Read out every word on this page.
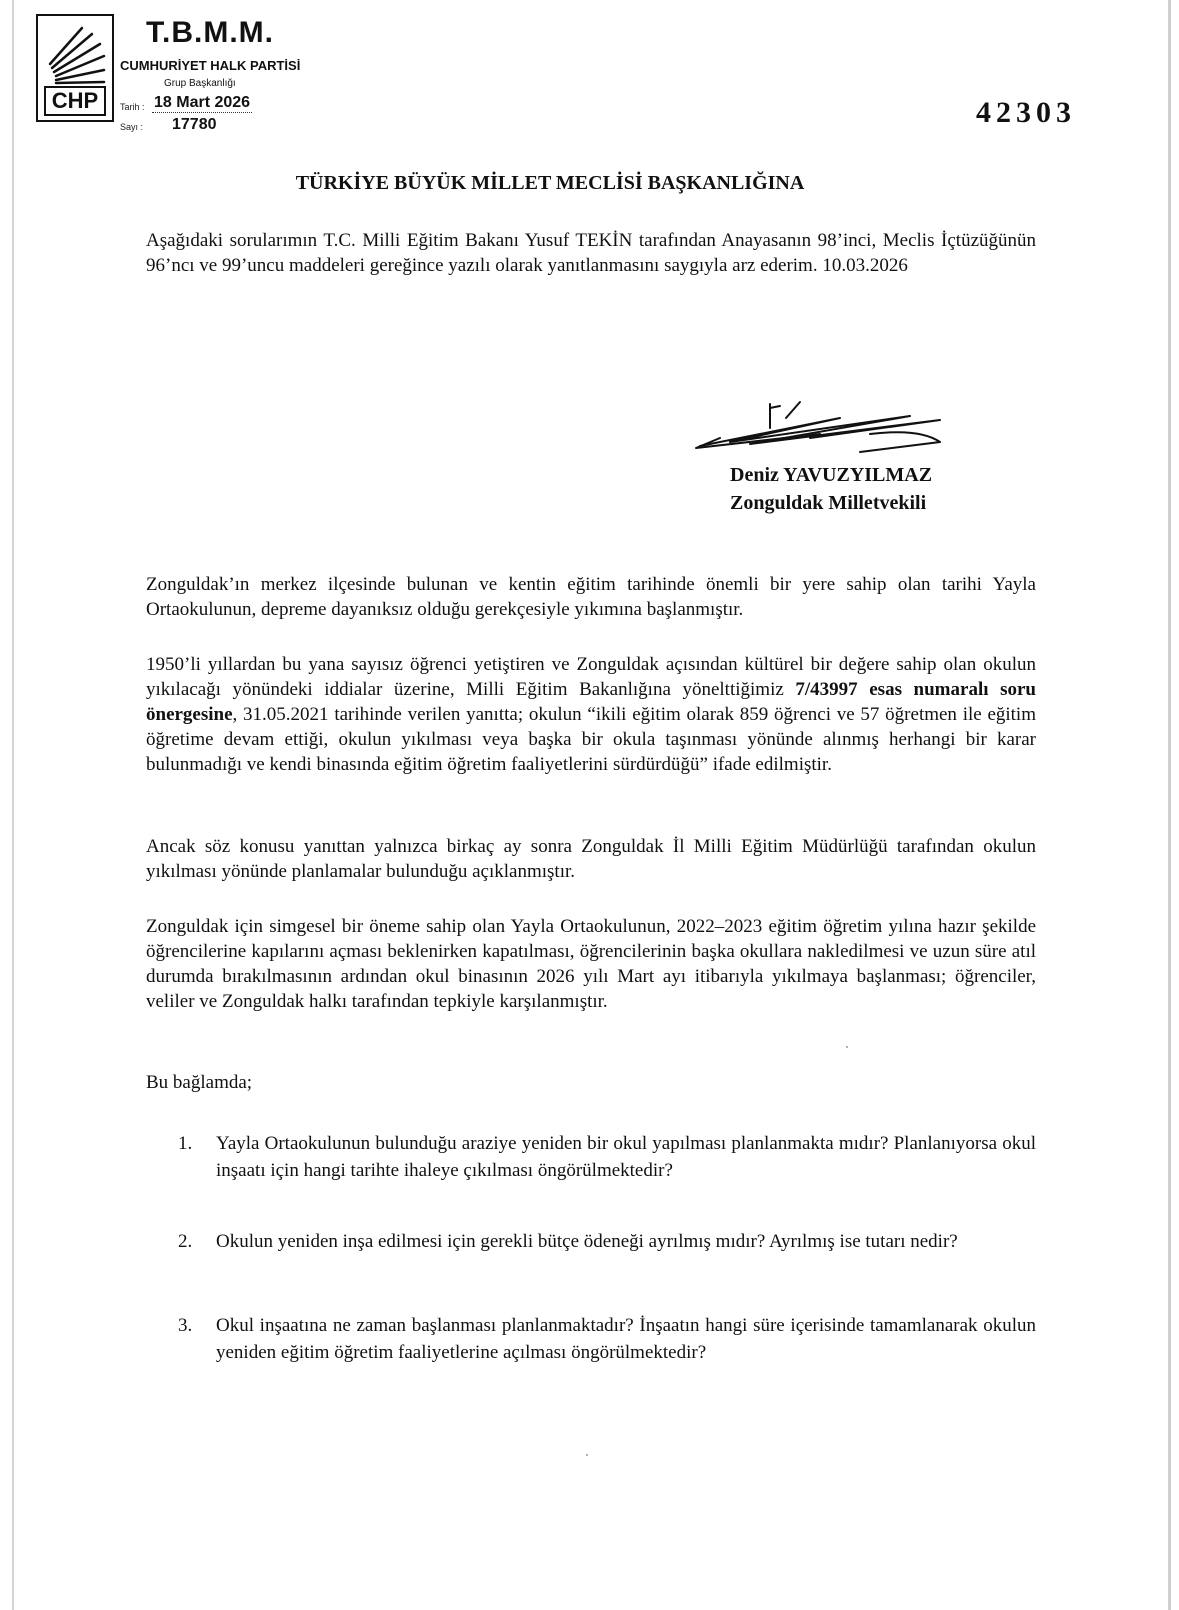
CHP
T.B.M.M.
CUMHURİYET HALK PARTİSİ
Grup Başkanlığı
Tarih : 18 Mart 2026
Sayı : 17780	42303
TÜRKİYE BÜYÜK MİLLET MECLİSİ BAŞKANLIĞINA
Aşağıdaki sorularımın T.C. Milli Eğitim Bakanı Yusuf TEKİN tarafından Anayasanın 98’inci, Meclis İçtüzüğünün 96’ncı ve 99’uncu maddeleri gereğince yazılı olarak yanıtlanmasını saygıyla arz ederim. 10.03.2026
Deniz YAVUZYILMAZ
Zonguldak Milletvekili
Zonguldak’ın merkez ilçesinde bulunan ve kentin eğitim tarihinde önemli bir yere sahip olan tarihi Yayla Ortaokulunun, depreme dayanıksız olduğu gerekçesiyle yıkımına başlanmıştır.
1950’li yıllardan bu yana sayısız öğrenci yetiştiren ve Zonguldak açısından kültürel bir değere sahip olan okulun yıkılacağı yönündeki iddialar üzerine, Milli Eğitim Bakanlığına yönelttiğimiz 7/43997 esas numaralı soru önergesine, 31.05.2021 tarihinde verilen yanıtta; okulun “ikili eğitim olarak 859 öğrenci ve 57 öğretmen ile eğitim öğretime devam ettiği, okulun yıkılması veya başka bir okula taşınması yönünde alınmış herhangi bir karar bulunmadığı ve kendi binasında eğitim öğretim faaliyetlerini sürdürdüğü” ifade edilmiştir.
Ancak söz konusu yanıttan yalnızca birkaç ay sonra Zonguldak İl Milli Eğitim Müdürlüğü tarafından okulun yıkılması yönünde planlamalar bulunduğu açıklanmıştır.
Zonguldak için simgesel bir öneme sahip olan Yayla Ortaokulunun, 2022–2023 eğitim öğretim yılına hazır şekilde öğrencilerine kapılarını açması beklenirken kapatılması, öğrencilerinin başka okullara nakledilmesi ve uzun süre atıl durumda bırakılmasının ardından okul binasının 2026 yılı Mart ayı itibarıyla yıkılmaya başlanması; öğrenciler, veliler ve Zonguldak halkı tarafından tepkiyle karşılanmıştır.
Bu bağlamda;
1.	Yayla Ortaokulunun bulunduğu araziye yeniden bir okul yapılması planlanmakta mıdır? Planlanıyorsa okul inşaatı için hangi tarihte ihaleye çıkılması öngörülmektedir?
2.	Okulun yeniden inşa edilmesi için gerekli bütçe ödeneği ayrılmış mıdır? Ayrılmış ise tutarı nedir?
3.	Okul inşaatına ne zaman başlanması planlanmaktadır? İnşaatın hangi süre içerisinde tamamlanarak okulun yeniden eğitim öğretim faaliyetlerine açılması öngörülmektedir?
